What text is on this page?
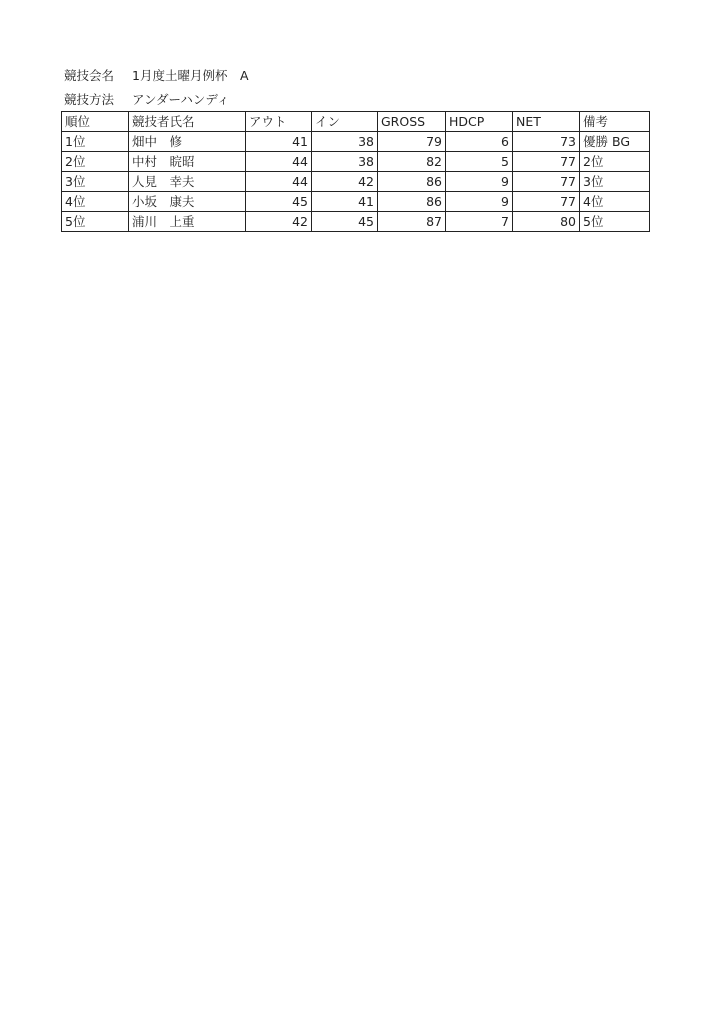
競技会名 1月度土曜月例杯　A
競技方法 アンダーハンディ
順位	競技者氏名	アウト	イン	GROSS	HDCP	NET	備考
1位	畑中　修	41	38	79	6	73	優勝 BG
2位	中村　睆昭	44	38	82	5	77	2位
3位	人見　幸夫	44	42	86	9	77	3位
4位	小坂　康夫	45	41	86	9	77	4位
5位	浦川　上重	42	45	87	7	80	5位
